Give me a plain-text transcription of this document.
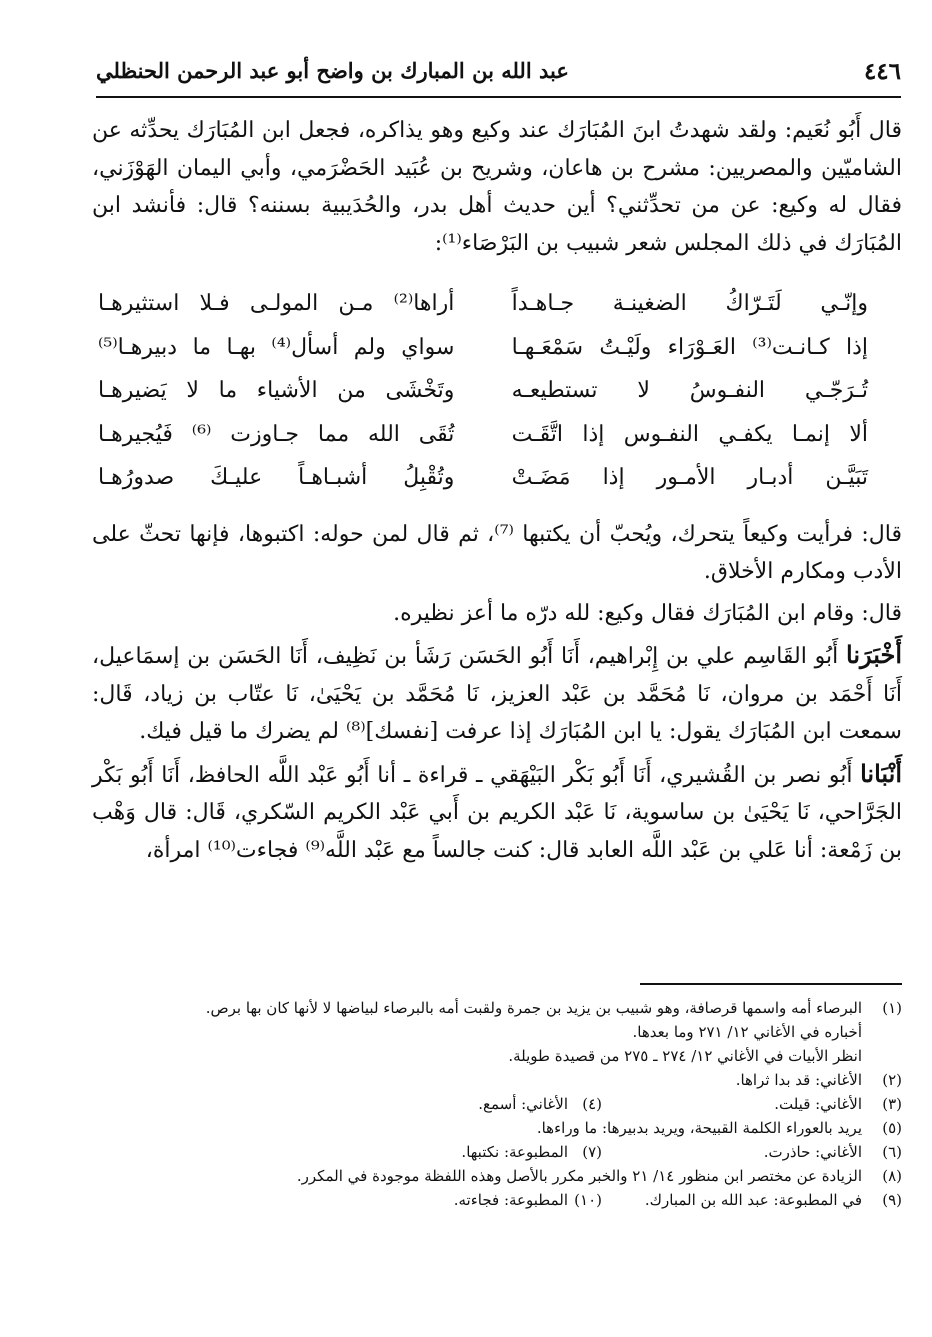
٤٤٦
عبد الله بن المبارك بن واضح أبو عبد الرحمن الحنظلي

قال أَبُو نُعَيم: ولقد شهدتُ ابنَ المُبَارَك عند وكيع وهو يذاكره، فجعل ابن المُبَارَك يحدِّثه عن الشاميّين والمصريين: مشرح بن هاعان، وشريح بن عُبَيد الحَضْرَمي، وأبي اليمان الهَوْزَني، فقال له وكيع: عن من تحدِّثني؟ أين حديث أهل بدر، والحُدَيبية بسننه؟ قال: فأنشد ابن المُبَارَك في ذلك المجلس شعر شبيب بن البَرْصَاء⁽¹⁾:

وإنّـي لَتَـرّاكُ الضغينـة جـاهـداً
أراها⁽²⁾ مـن المولـى فـلا استثيرهـا
إذا كـانـت⁽³⁾ العَـوْرَاء ولَيْـتُ سَمْعَـهـا
سواي ولم أسأل⁽⁴⁾ بهـا ما دبيرهـا⁽⁵⁾
تُـرَجّـي النفـوسُ لا تستطيعـه
وتَخْشَى من الأشياء ما لا يَضيرهـا
ألا إنمـا يكفـي النفـوس إذا اتَّقَـت
تُقَى الله مما جـاوزت ⁽⁶⁾ فَيُجيرهـا
تَبَيَّـن أدبـار الأمـور إذا مَضَـتْ
وتُقْبِلُ أشبـاهـاً عليـكَ صدورُهـا

قال: فرأيت وكيعاً يتحرك، ويُحبّ أن يكتبها ⁽⁷⁾، ثم قال لمن حوله: اكتبوها، فإنها تحثّ على الأدب ومكارم الأخلاق.

قال: وقام ابن المُبَارَك فقال وكيع: لله درّه ما أعز نظيره.

أَخْبَرَنا أَبُو القَاسِم علي بن إِبْراهيم، أَنَا أَبُو الحَسَن رَشَأ بن نَظِيف، أَنَا الحَسَن بن إسمَاعيل، أَنَا أَحْمَد بن مروان، نَا مُحَمَّد بن عَبْد العزيز، نَا مُحَمَّد بن يَحْيَىٰ، نَا عتّاب بن زياد، قَال: سمعت ابن المُبَارَك يقول: يا ابن المُبَارَك إذا عرفت [نفسك]⁽⁸⁾ لم يضرك ما قيل فيك.

أَنْبَانا أَبُو نصر بن القُشيري، أَنَا أَبُو بَكْر البَيْهَقي ـ قراءة ـ أنا أَبُو عَبْد اللَّه الحافظ، أَنَا أَبُو بَكْر الجَرَّاحي، نَا يَحْيَىٰ بن ساسوية، نَا عَبْد الكريم بن أَبي عَبْد الكريم السّكري، قَال: قال وَهْب بن زَمْعة: أنا عَلي بن عَبْد اللَّه العابد قال: كنت جالساً مع عَبْد اللَّه⁽⁹⁾ فجاءت⁽¹⁰⁾ امرأة،

(١)
البرصاء أمه واسمها قرصافة، وهو شبيب بن يزيد بن جمرة ولقبت أمه بالبرصاء لبياضها لا لأنها كان بها برص.
أخباره في الأغاني ١٢/ ٢٧١ وما بعدها.
انظر الأبيات في الأغاني ١٢/ ٢٧٤ ـ ٢٧٥ من قصيدة طويلة.
(٢)
الأغاني: قد بدا ثراها.
(٣)
الأغاني: قيلت.
(٤)
الأغاني: أسمع.
(٥)
يريد بالعوراء الكلمة القبيحة، ويريد بدبيرها: ما وراءها.
(٦)
الأغاني: حاذرت.
(٧)
المطبوعة: نكتبها.
(٨)
الزيادة عن مختصر ابن منظور ١٤/ ٢١ والخبر مكرر بالأصل وهذه اللفظة موجودة في المكرر.
(٩)
في المطبوعة: عبد الله بن المبارك.
(١٠)
المطبوعة: فجاءته.
